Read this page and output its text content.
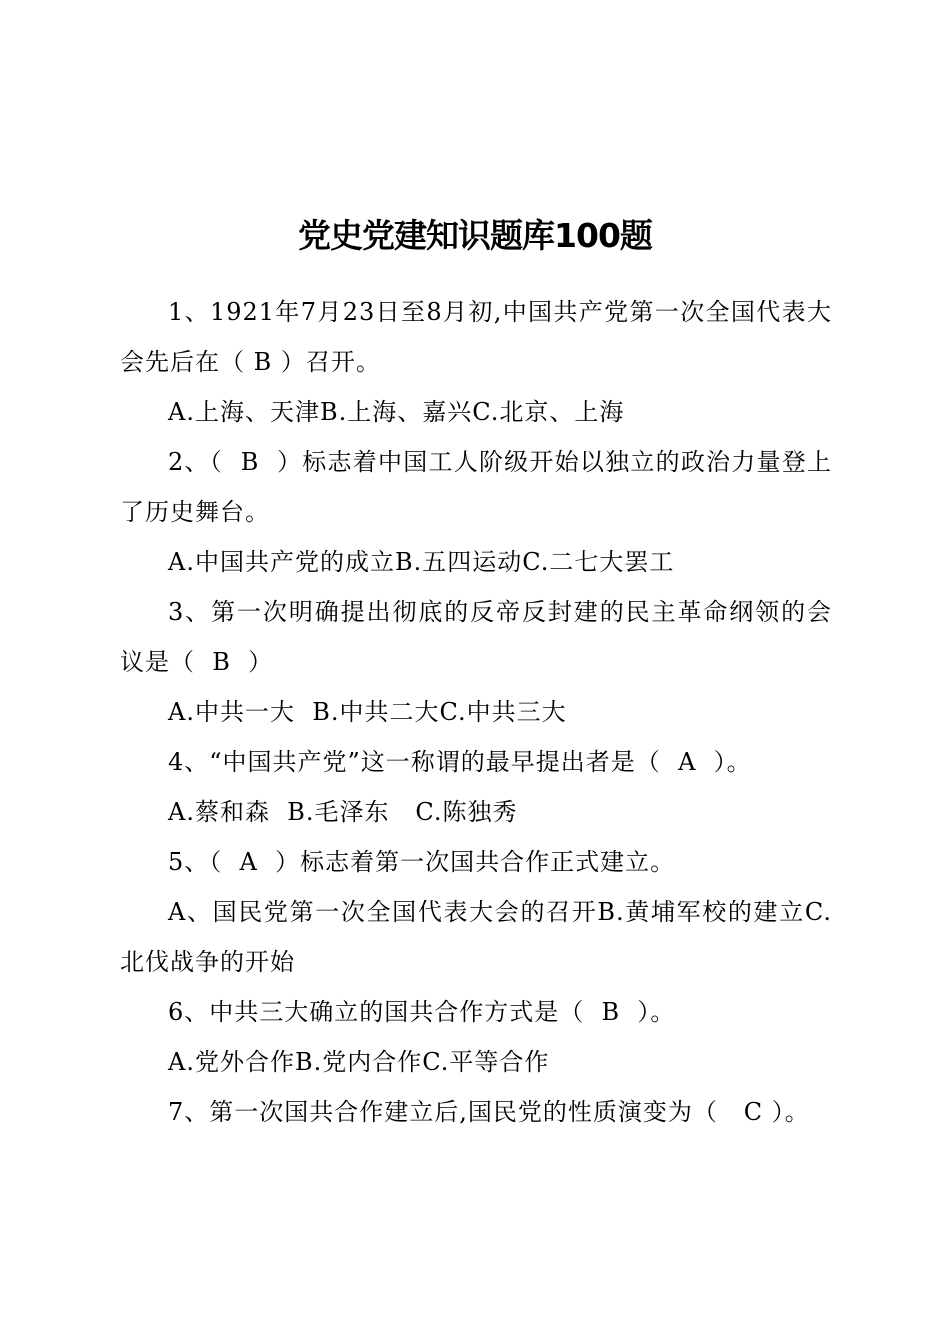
党史党建知识题库100题

1、1921年7月23日至8月初,中国共产党第一次全国代表大会先后在（ B ）召开。

A.上海、天津B.上海、嘉兴C.北京、上海

2、（  B  ）标志着中国工人阶级开始以独立的政治力量登上了历史舞台。

A.中国共产党的成立B.五四运动C.二七大罢工

3、第一次明确提出彻底的反帝反封建的民主革命纲领的会议是（  B  ）

A.中共一大  B.中共二大C.中共三大

4、“中国共产党”这一称谓的最早提出者是（  A  ）。

A.蔡和森  B.毛泽东   C.陈独秀

5、（  A  ）标志着第一次国共合作正式建立。

A、国民党第一次全国代表大会的召开B.黄埔军校的建立C.北伐战争的开始

6、中共三大确立的国共合作方式是（  B  ）。

A.党外合作B.党内合作C.平等合作

7、第一次国共合作建立后,国民党的性质演变为（   C ）。
